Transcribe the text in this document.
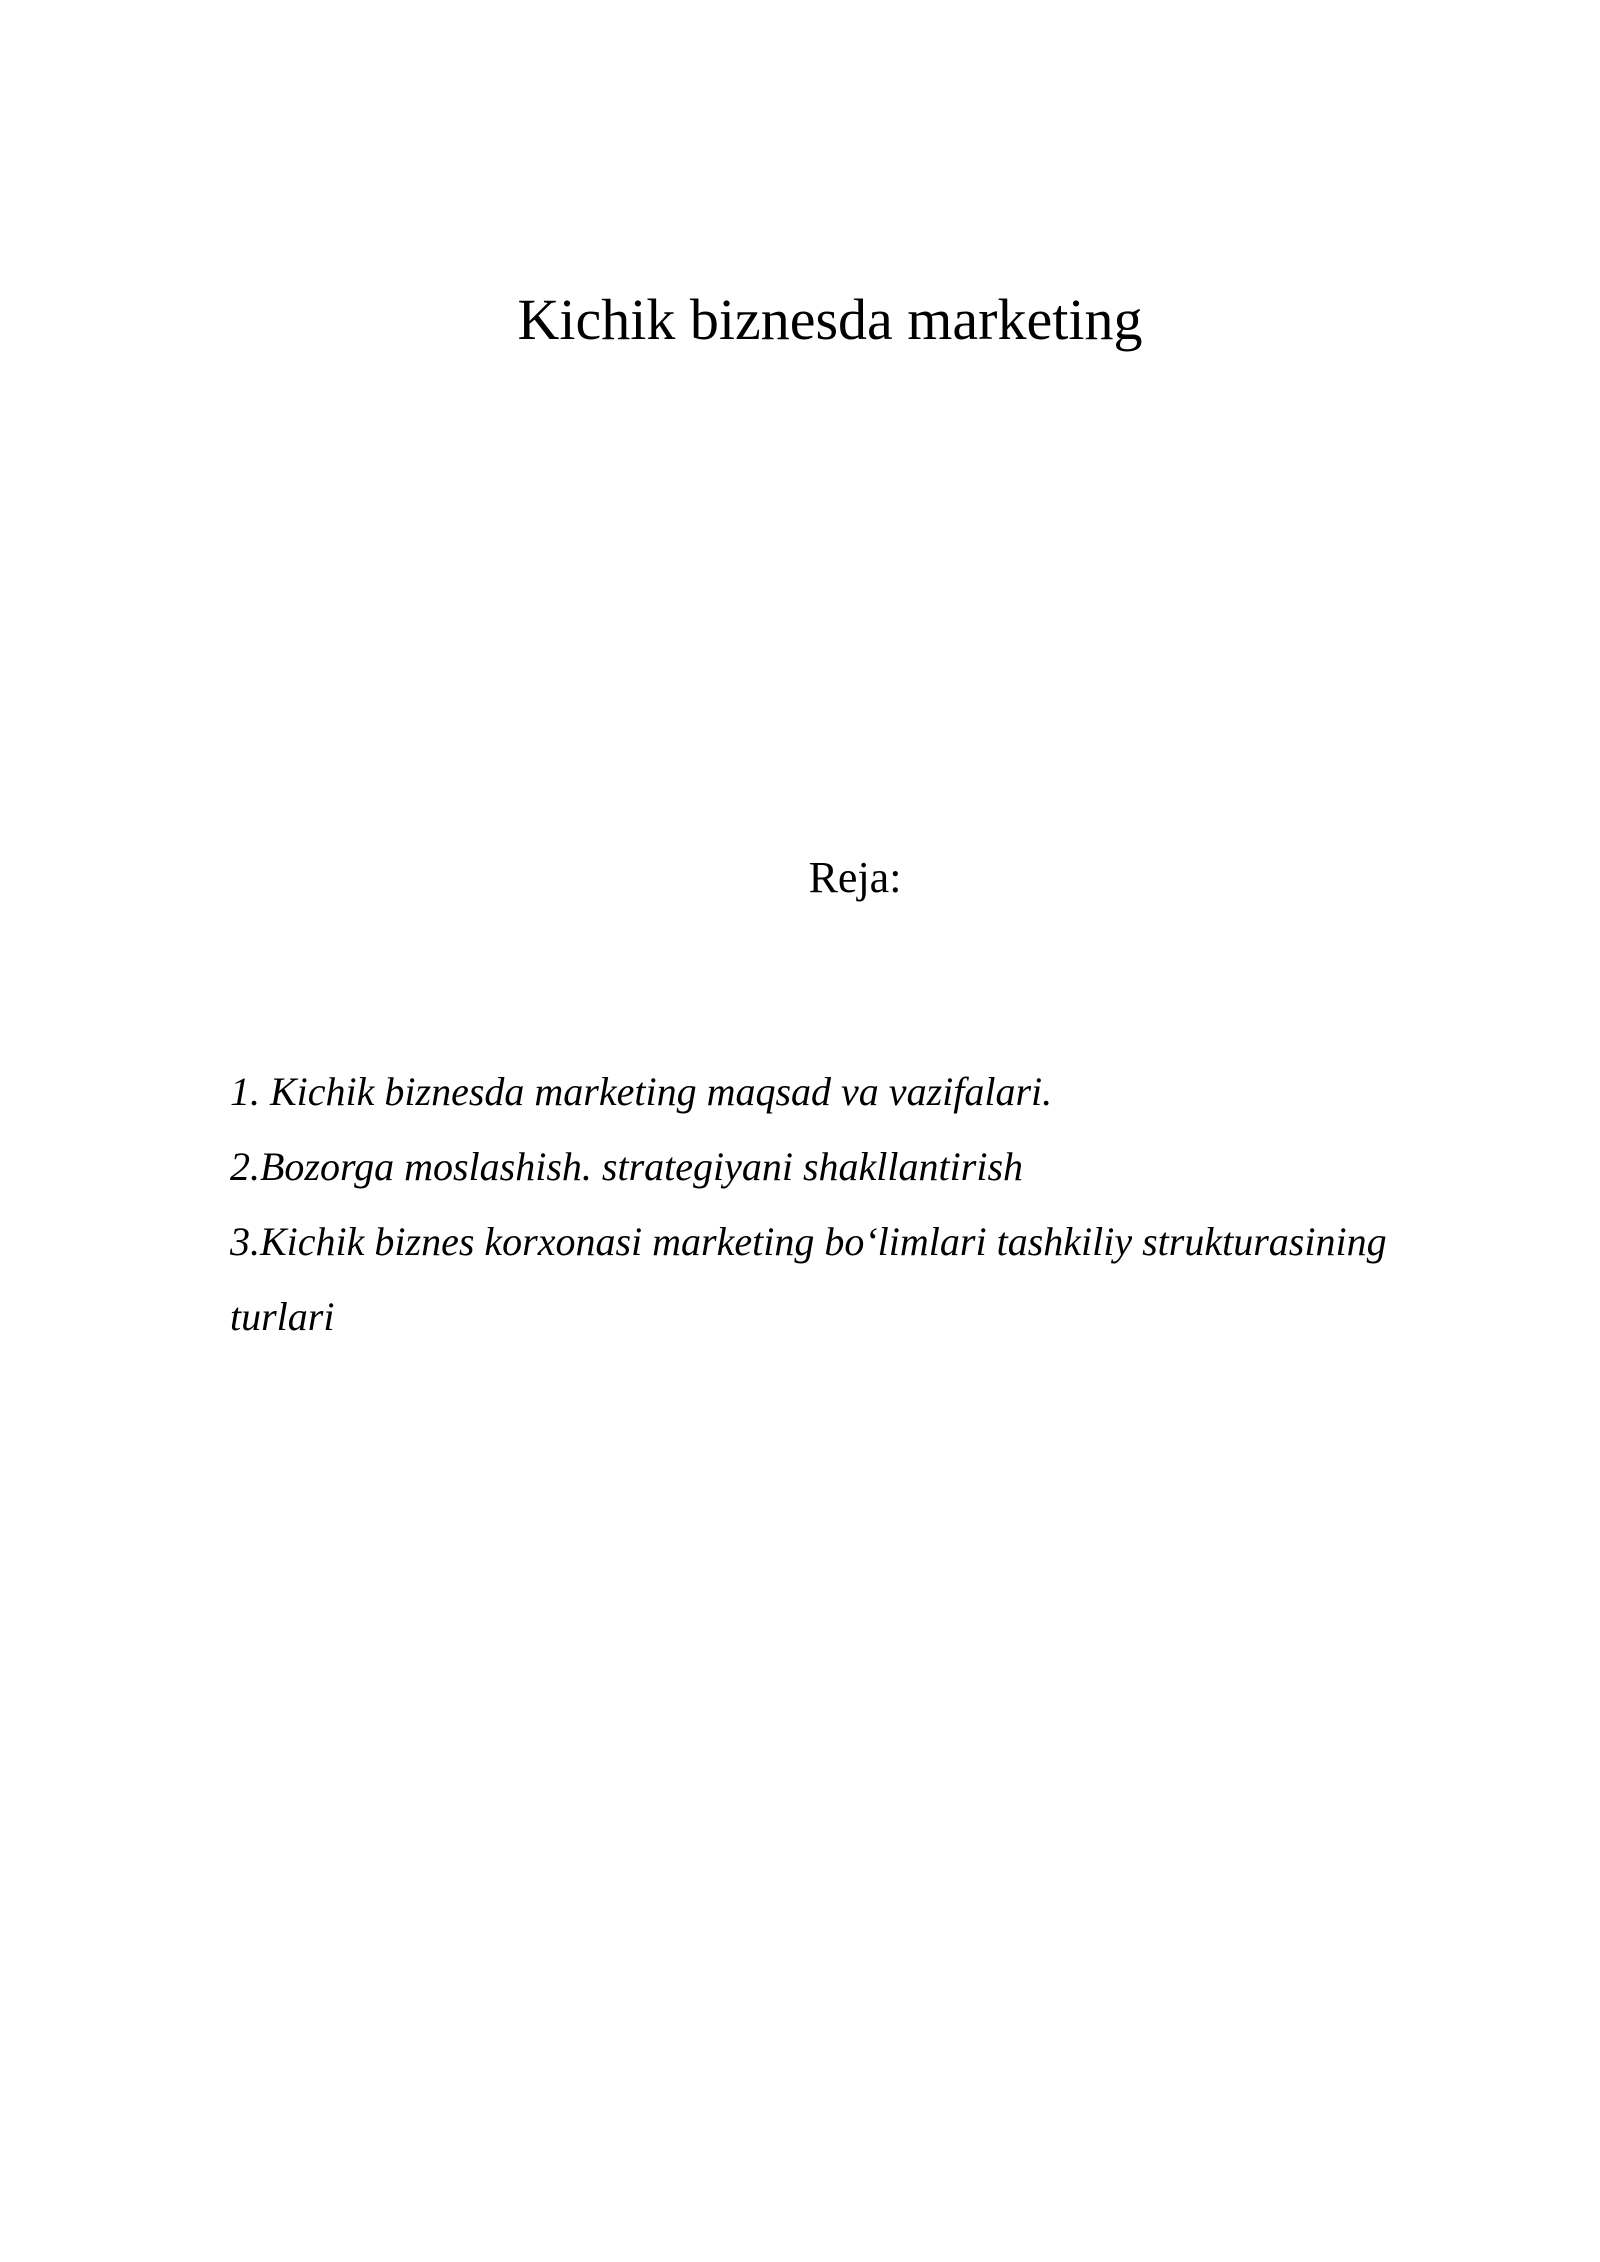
Kichik biznesda marketing
Reja:
1. Kichik biznesda marketing maqsad va vazifalari.
2.Bozorga moslashish. strategiyani shakllantirish
3.Kichik biznes korxonasi marketing bo‘limlari tashkiliy strukturasining turlari
